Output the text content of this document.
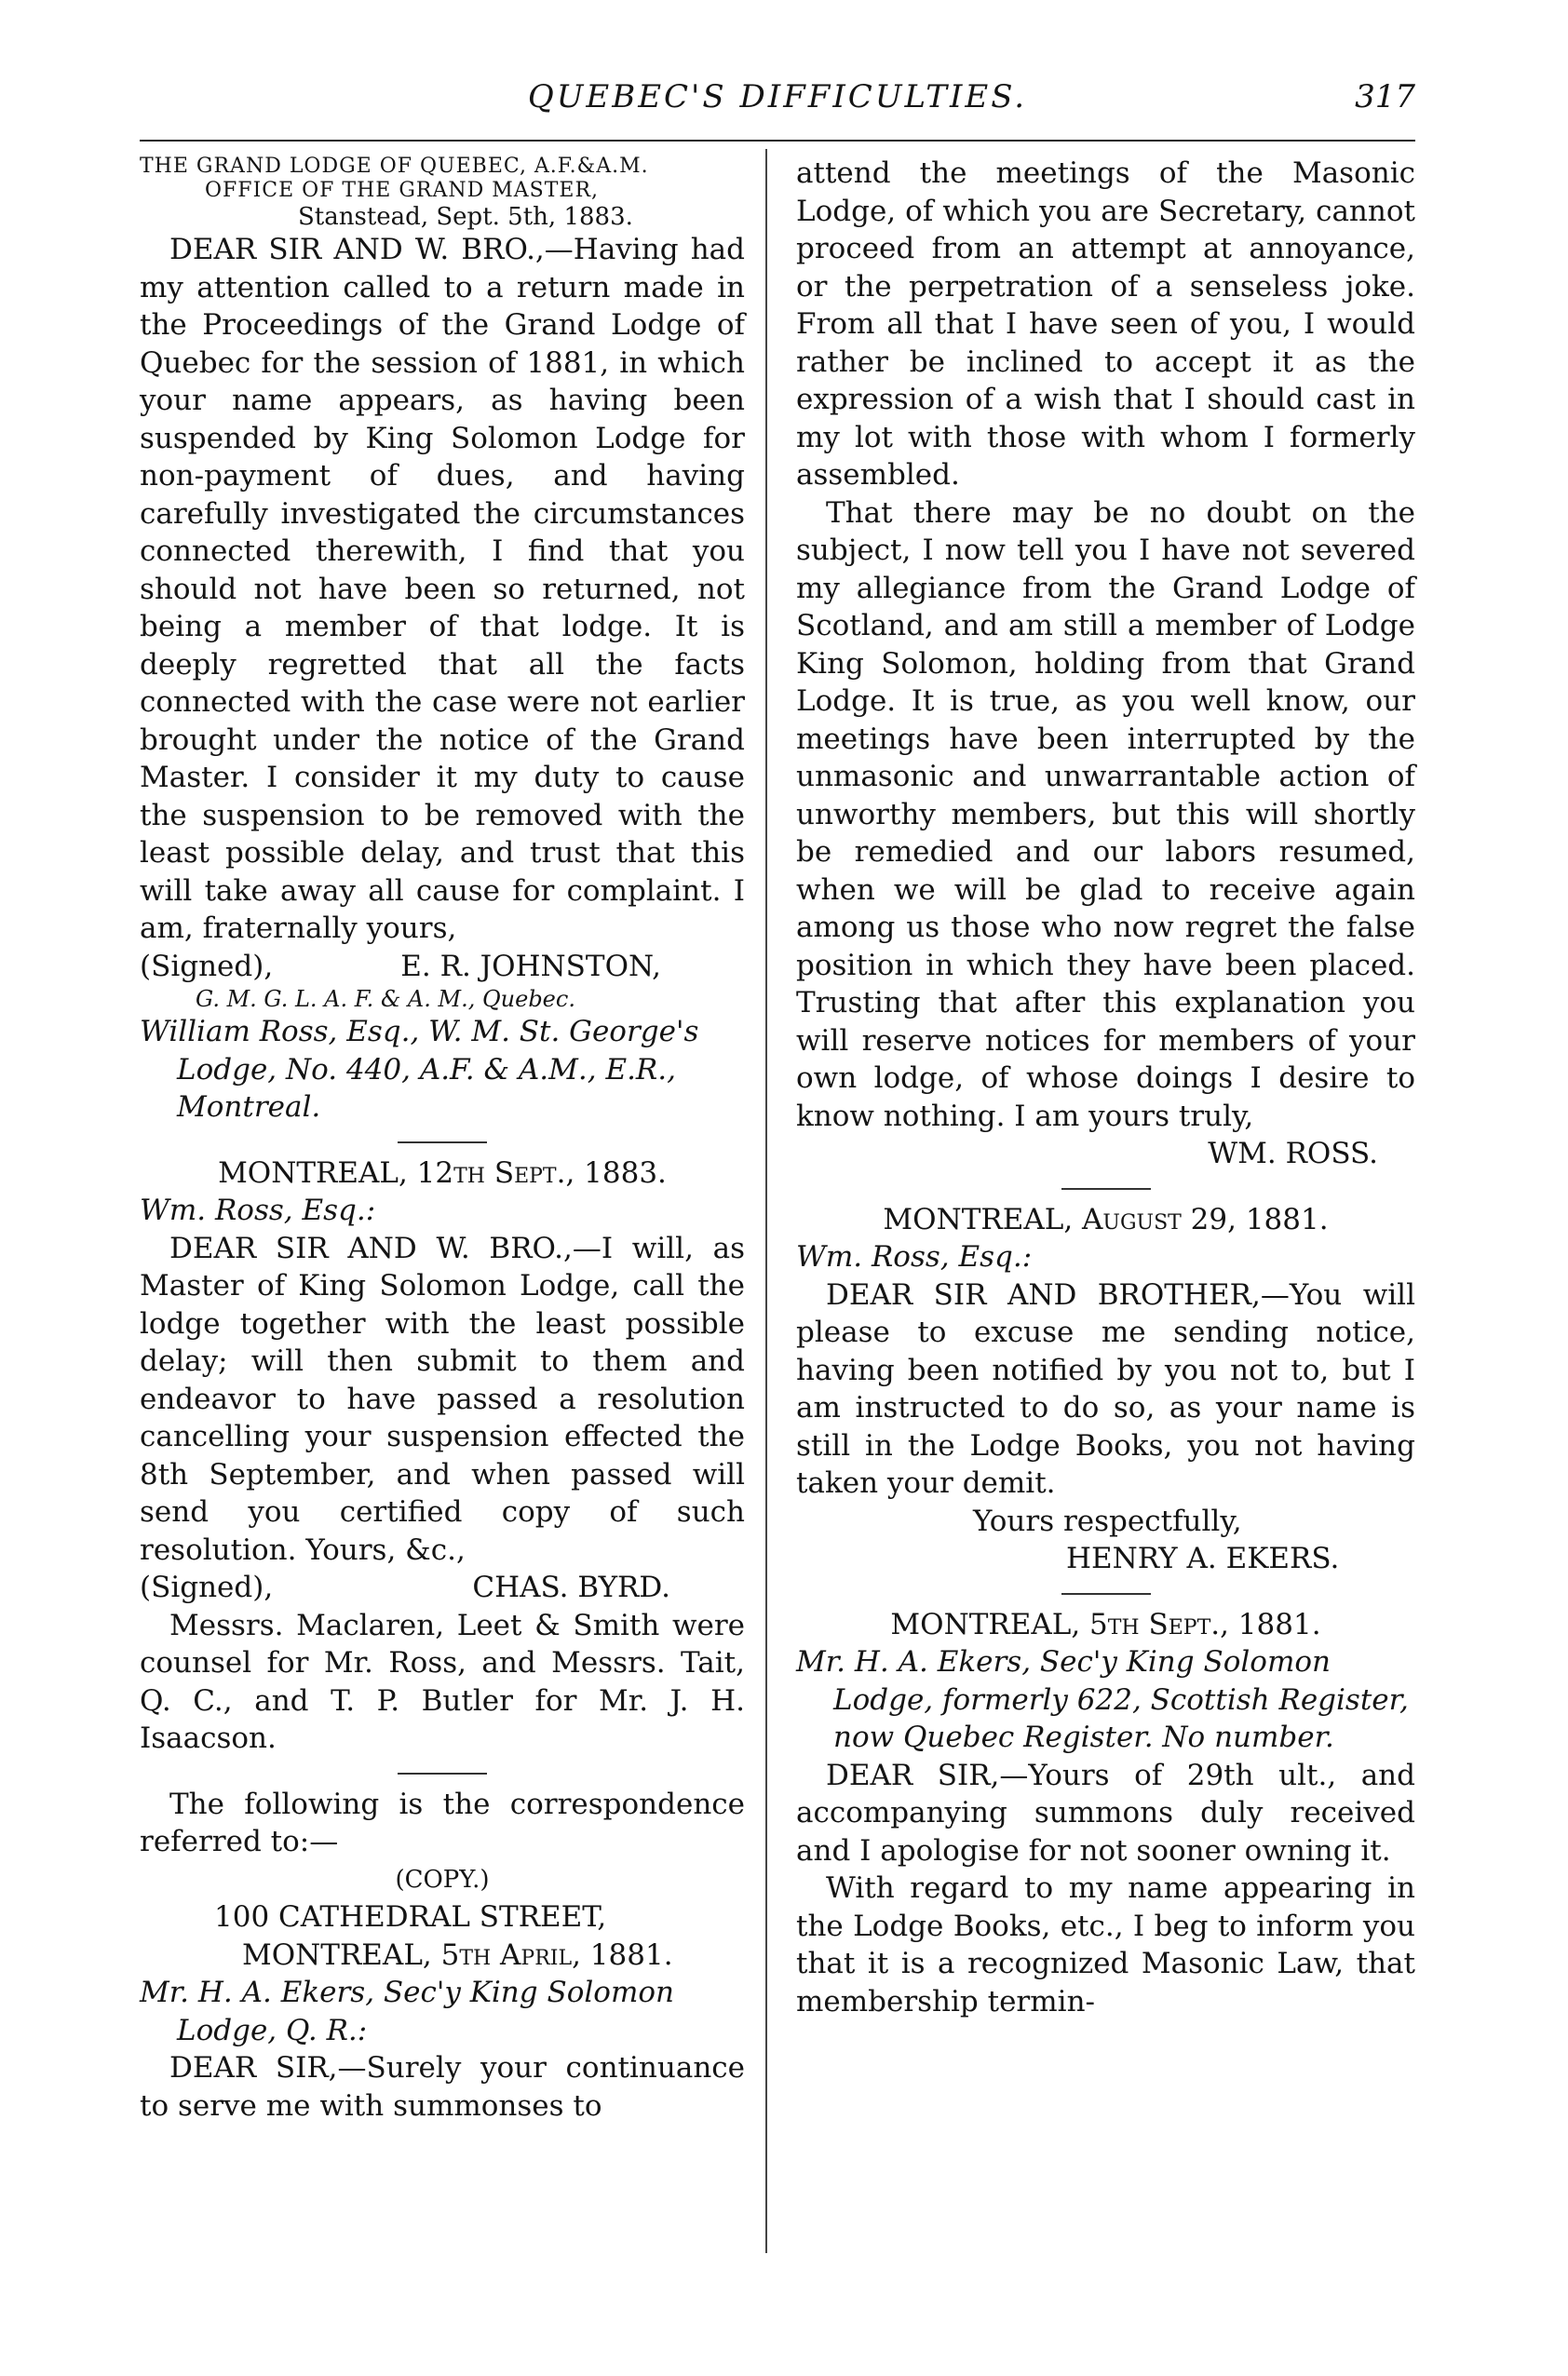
QUEBEC'S DIFFICULTIES.	317

THE GRAND LODGE OF QUEBEC, A.F.&A.M.

OFFICE OF THE GRAND MASTER,

Stanstead, Sept. 5th, 1883.

DEAR SIR AND W. BRO.,—Having had my attention called to a return made in the Proceedings of the Grand Lodge of Quebec for the session of 1881, in which your name appears, as having been suspended by King Solomon Lodge for non-payment of dues, and having carefully investigated the circumstances connected therewith, I find that you should not have been so returned, not being a member of that lodge. It is deeply regretted that all the facts connected with the case were not earlier brought under the notice of the Grand Master. I consider it my duty to cause the suspension to be removed with the least possible delay, and trust that this will take away all cause for complaint. I am, fraternally yours,

(Signed),	E. R. JOHNSTON,

G. M. G. L. A. F. & A. M., Quebec.

William Ross, Esq., W. M. St. George's Lodge, No. 440, A.F. & A.M., E.R., Montreal.

MONTREAL, 12th Sept., 1883.

Wm. Ross, Esq.:

DEAR SIR AND W. BRO.,—I will, as Master of King Solomon Lodge, call the lodge together with the least possible delay; will then submit to them and endeavor to have passed a resolution cancelling your suspension effected the 8th September, and when passed will send you certified copy of such resolution. Yours, &c.,

(Signed),	CHAS. BYRD.

Messrs. Maclaren, Leet & Smith were counsel for Mr. Ross, and Messrs. Tait, Q. C., and T. P. Butler for Mr. J. H. Isaacson.

The following is the correspondence referred to:—

(COPY.)

100 CATHEDRAL STREET,

MONTREAL, 5th April, 1881.

Mr. H. A. Ekers, Sec'y King Solomon Lodge, Q. R.:

DEAR SIR,—Surely your continuance to serve me with summonses to

attend the meetings of the Masonic Lodge, of which you are Secretary, cannot proceed from an attempt at annoyance, or the perpetration of a senseless joke. From all that I have seen of you, I would rather be inclined to accept it as the expression of a wish that I should cast in my lot with those with whom I formerly assembled.

That there may be no doubt on the subject, I now tell you I have not severed my allegiance from the Grand Lodge of Scotland, and am still a member of Lodge King Solomon, holding from that Grand Lodge. It is true, as you well know, our meetings have been interrupted by the unmasonic and unwarrantable action of unworthy members, but this will shortly be remedied and our labors resumed, when we will be glad to receive again among us those who now regret the false position in which they have been placed. Trusting that after this explanation you will reserve notices for members of your own lodge, of whose doings I desire to know nothing. I am yours truly,

WM. ROSS.

MONTREAL, August 29, 1881.

Wm. Ross, Esq.:

DEAR SIR AND BROTHER,—You will please to excuse me sending notice, having been notified by you not to, but I am instructed to do so, as your name is still in the Lodge Books, you not having taken your demit.

Yours respectfully,

HENRY A. EKERS.

MONTREAL, 5th Sept., 1881.

Mr. H. A. Ekers, Sec'y King Solomon Lodge, formerly 622, Scottish Register, now Quebec Register. No number.

DEAR SIR,—Yours of 29th ult., and accompanying summons duly received and I apologise for not sooner owning it.

With regard to my name appearing in the Lodge Books, etc., I beg to inform you that it is a recognized Masonic Law, that membership termin-
